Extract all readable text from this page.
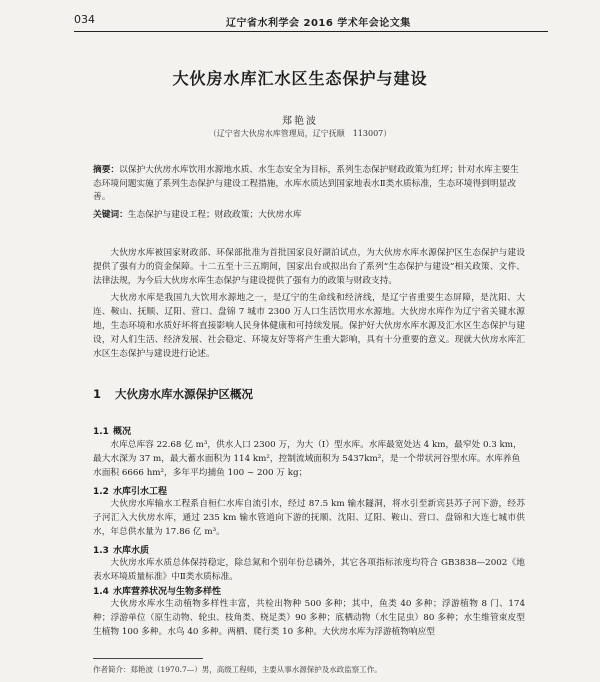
034	辽宁省水利学会 2016 学术年会论文集
大伙房水库汇水区生态保护与建设
郑艳波
（辽宁省大伙房水库管理局，辽宁抚顺　113007）
摘要：以保护大伙房水库饮用水源地水质、水生态安全为目标，系列生态保护财政政策为红坪；针对水库主要生态环境问题实施了系列生态保护与建设工程措施，水库水质达到国家地表水Ⅱ类水质标准，生态环境得到明显改善。
关键词：生态保护与建设工程；财政政策；大伙房水库
大伙房水库被国家财政部、环保部批准为首批国家良好湖泊试点，为大伙房水库水源保护区生态保护与建设提供了强有力的资金保障。十二五至十三五期间，国家出台或拟出台了系列“生态保护与建设”相关政策、文件、法律法规，为今后大伙房水库生态保护与建设提供了强有力的政策与财政支持。
大伙房水库是我国九大饮用水源地之一，是辽宁的生命线和经济线，是辽宁省重要生态屏障，是沈阳、大连、鞍山、抚顺、辽阳、营口、盘锦 7 城市 2300 万人口生活饮用水水源地。大伙房水库作为辽宁省关键水源地，生态环境和水质好坏将直接影响人民身体健康和可持续发展。保护好大伙房水库水源及汇水区生态保护与建设，对人们生活、经济发展、社会稳定、环境友好等将产生重大影响，具有十分重要的意义。现就大伙房水库汇水区生态保护与建设进行论述。
1 大伙房水库水源保护区概况
1.1 概况
水库总库容 22.68 亿 m³，供水人口 2300 万，为大（Ⅰ）型水库。水库最宽处达 4 km，最窄处 0.3 km，最大水深为 37 m，最大蓄水面积为 114 km²，控制流域面积为 5437km²，是一个带状河谷型水库。水库养鱼水面积 6666 hm²，多年平均捕鱼 100 ~ 200 万 kg；
1.2 水库引水工程
大伙房水库输水工程系自桓仁水库自流引水，经过 87.5 km 输水隧洞，将水引至新宾县苏子河下游，经苏子河汇入大伙房水库，通过 235 km 输水管道向下游的抚顺、沈阳、辽阳、鞍山、营口、盘锦和大连七城市供水，年总供水量为 17.86 亿 m³。
1.3 水库水质
大伙房水库水质总体保持稳定，除总氮和个别年份总磷外，其它各项指标浓度均符合 GB3838—2002《地表水环境质量标准》中Ⅱ类水质标准。
1.4 水库营养状况与生物多样性
大伙房水库水生动植物多样性丰富，共检出物种 500 多种；其中，鱼类 40 多种；浮游植物 8 门、174 种；浮游单位（原生动物、轮虫、枝角类、桡足类）90 多种；底栖动物（水生昆虫）80 多种；水生维管束皮型生植物 100 多种。水鸟 40 多种。两栖、爬行类 10 多种。大伙房水库为浮游植物响应型
作者简介：郑艳波（1970.7—）男，高级工程师，主要从事水源保护及水政监察工作。
